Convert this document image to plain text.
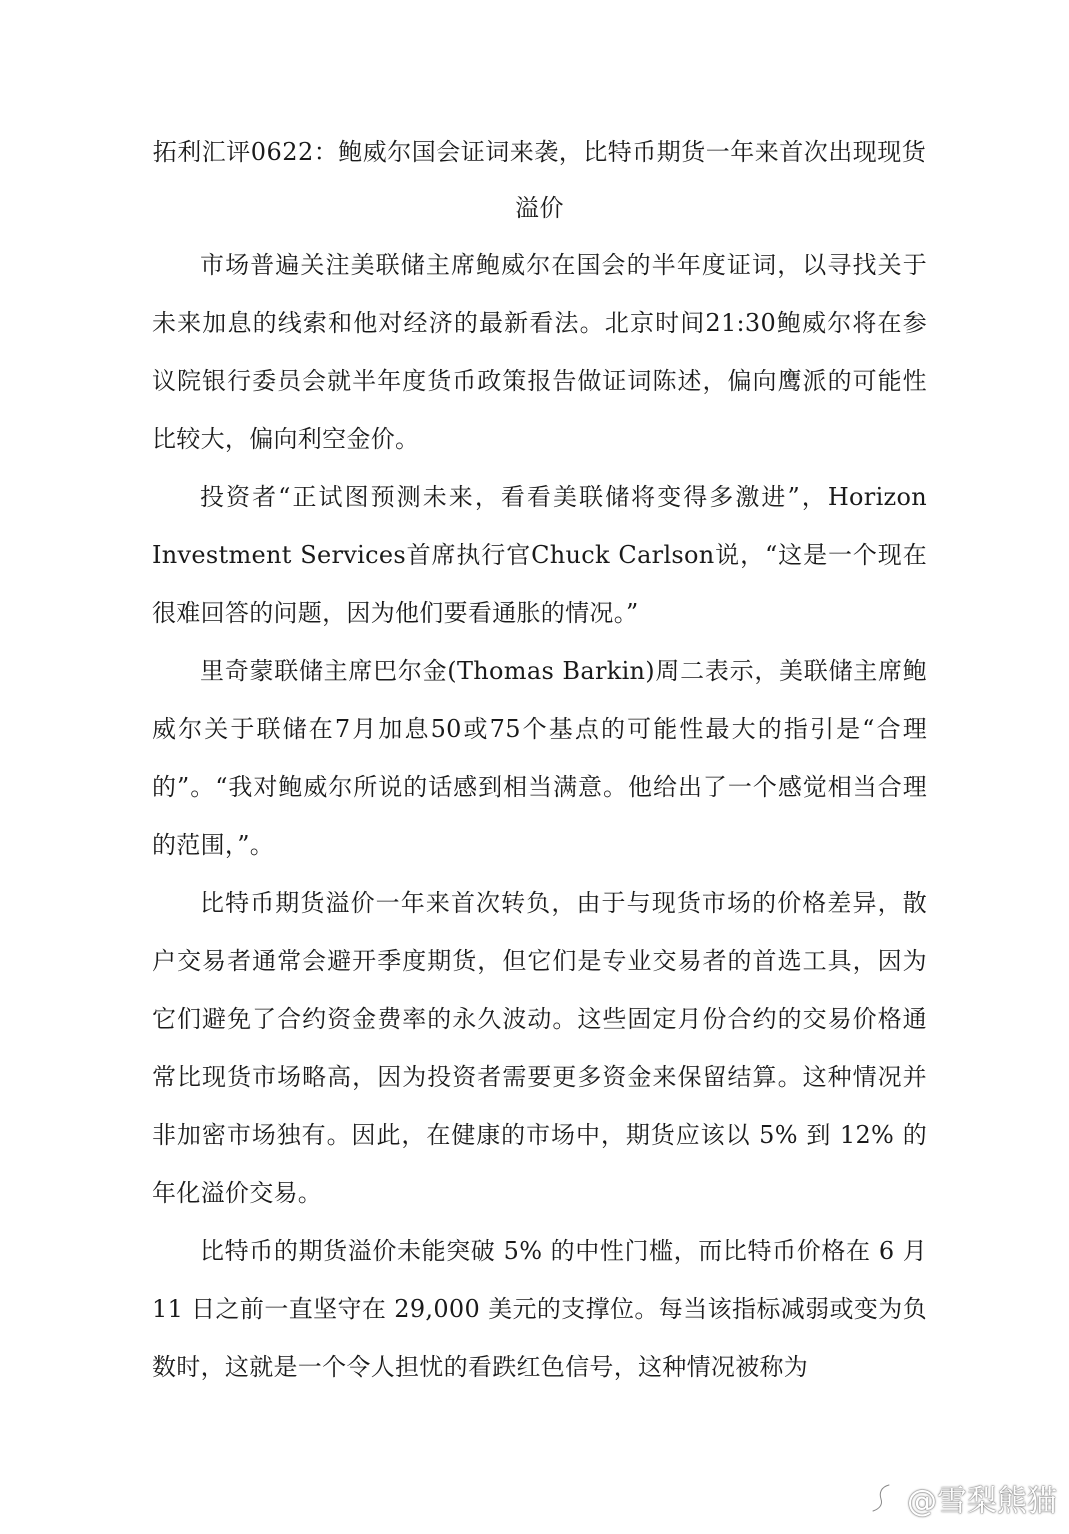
拓利汇评0622：鲍威尔国会证词来袭，比特币期货一年来首次出现现货溢价

市场普遍关注美联储主席鲍威尔在国会的半年度证词，以寻找关于未来加息的线索和他对经济的最新看法。北京时间21:30鲍威尔将在参议院银行委员会就半年度货币政策报告做证词陈述，偏向鹰派的可能性比较大，偏向利空金价。

投资者“正试图预测未来，看看美联储将变得多激进”，Horizon Investment Services首席执行官Chuck Carlson说，“这是一个现在很难回答的问题，因为他们要看通胀的情况。”

里奇蒙联储主席巴尔金(Thomas Barkin)周二表示，美联储主席鲍威尔关于联储在7月加息50或75个基点的可能性最大的指引是“合理的”。“我对鲍威尔所说的话感到相当满意。他给出了一个感觉相当合理的范围，”。

比特币期货溢价一年来首次转负，由于与现货市场的价格差异，散户交易者通常会避开季度期货，但它们是专业交易者的首选工具，因为它们避免了合约资金费率的永久波动。这些固定月份合约的交易价格通常比现货市场略高，因为投资者需要更多资金来保留结算。这种情况并非加密市场独有。因此，在健康的市场中，期货应该以 5% 到 12% 的年化溢价交易。

比特币的期货溢价未能突破 5% 的中性门槛，而比特币价格在 6 月 11 日之前一直坚守在 29,000 美元的支撑位。每当该指标减弱或变为负数时，这就是一个令人担忧的看跌红色信号，这种情况被称为

@雪梨熊猫
